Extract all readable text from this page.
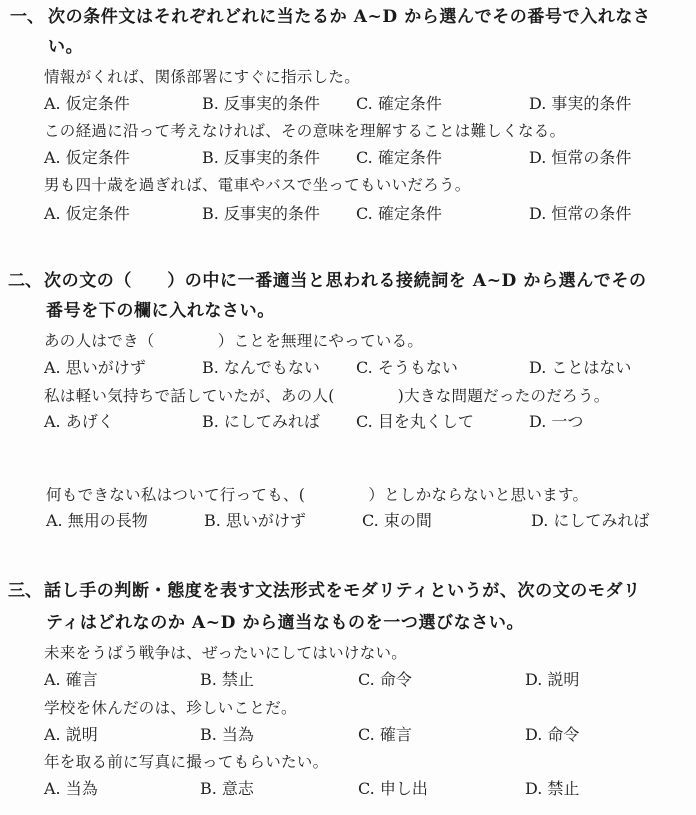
一、 次の条件文はそれぞれどれに当たるか A~D から選んでその番号で入れなさ
い。
情報がくれば、関係部署にすぐに指示した。
A. 仮定条件	B. 反事実的条件 C. 確定条件	D. 事実的条件
この経過に沿って考えなければ、その意味を理解することは難しくなる。
A. 仮定条件	B. 反事実的条件 C. 確定条件	D. 恒常の条件
男も四十歳を過ぎれば、電車やバスで坐ってもいいだろう。
A. 仮定条件	B. 反事実的条件 C. 確定条件	D. 恒常の条件
二、 次の文の（　　）の中に一番適当と思われる接続詞を A~D から選んでその
番号を下の欄に入れなさい。
あの人はでき（　　　　）ことを無理にやっている。
A. 思いがけず	B. なんでもない C. そうもない	D. ことはない
私は軽い気持ちで話していたが、あの人(　　　　)大きな問題だったのだろう。
A. あげく	B. にしてみれば C. 目を丸くして	D. 一つ
何もできない私はついて行っても、(　　　　）としかならないと思います。
A. 無用の長物	B. 思いがけず	C. 束の間	D. にしてみれば
三、 話し手の判断・態度を表す文法形式をモダリティというが、次の文のモダリ
ティはどれなのか A~D から適当なものを一つ選びなさい。
未来をうばう戦争は、ぜったいにしてはいけない。
A. 確言	B. 禁止	C. 命令	D. 説明
学校を休んだのは、珍しいことだ。
A. 説明	B. 当為	C. 確言	D. 命令
年を取る前に写真に撮ってもらいたい。
A. 当為	B. 意志	C. 申し出	D. 禁止
